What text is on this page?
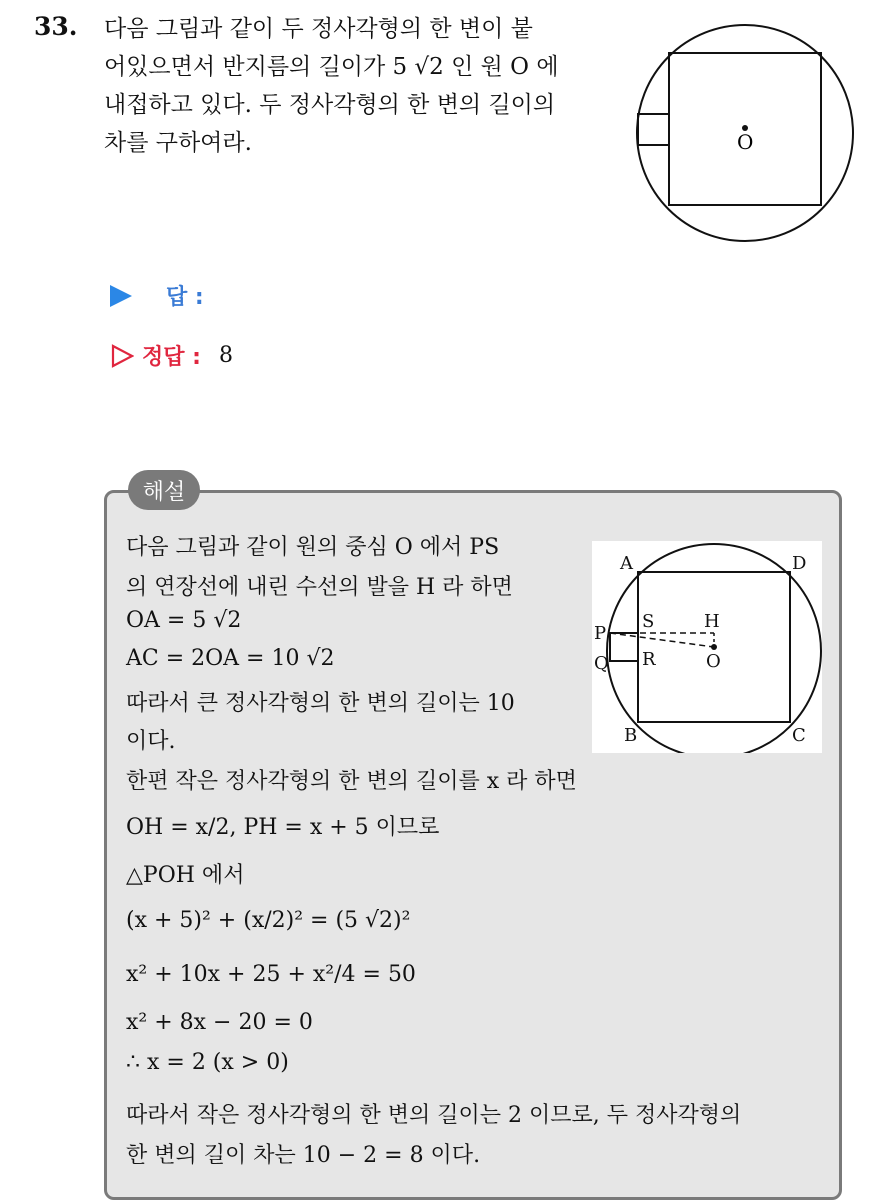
33. 다음 그림과 같이 두 정사각형의 한 변이 붙
어있으면서 반지름의 길이가 5 √2 인 원 O 에
내접하고 있다. 두 정사각형의 한 변의 길이의
차를 구하여라.	O
답 :
정답 : 8
해설
다음 그림과 같이 원의 중심 O 에서 PS
의 연장선에 내린 수선의 발을 H 라 하면
OA = 5 √2
AC = 2OA = 10 √2
따라서 큰 정사각형의 한 변의 길이는 10
이다.
한편 작은 정사각형의 한 변의 길이를 x 라 하면
OH = x/2, PH = x + 5 이므로
△POH 에서
(x + 5)² + (x/2)² = (5 √2)²
x² + 10x + 25 + x²/4 = 50
x² + 8x − 20 = 0
∴ x = 2 (x > 0)
따라서 작은 정사각형의 한 변의 길이는 2 이므로, 두 정사각형의
한 변의 길이 차는 10 − 2 = 8 이다.
A	D
B	C
P
Q
S
R
H
O
